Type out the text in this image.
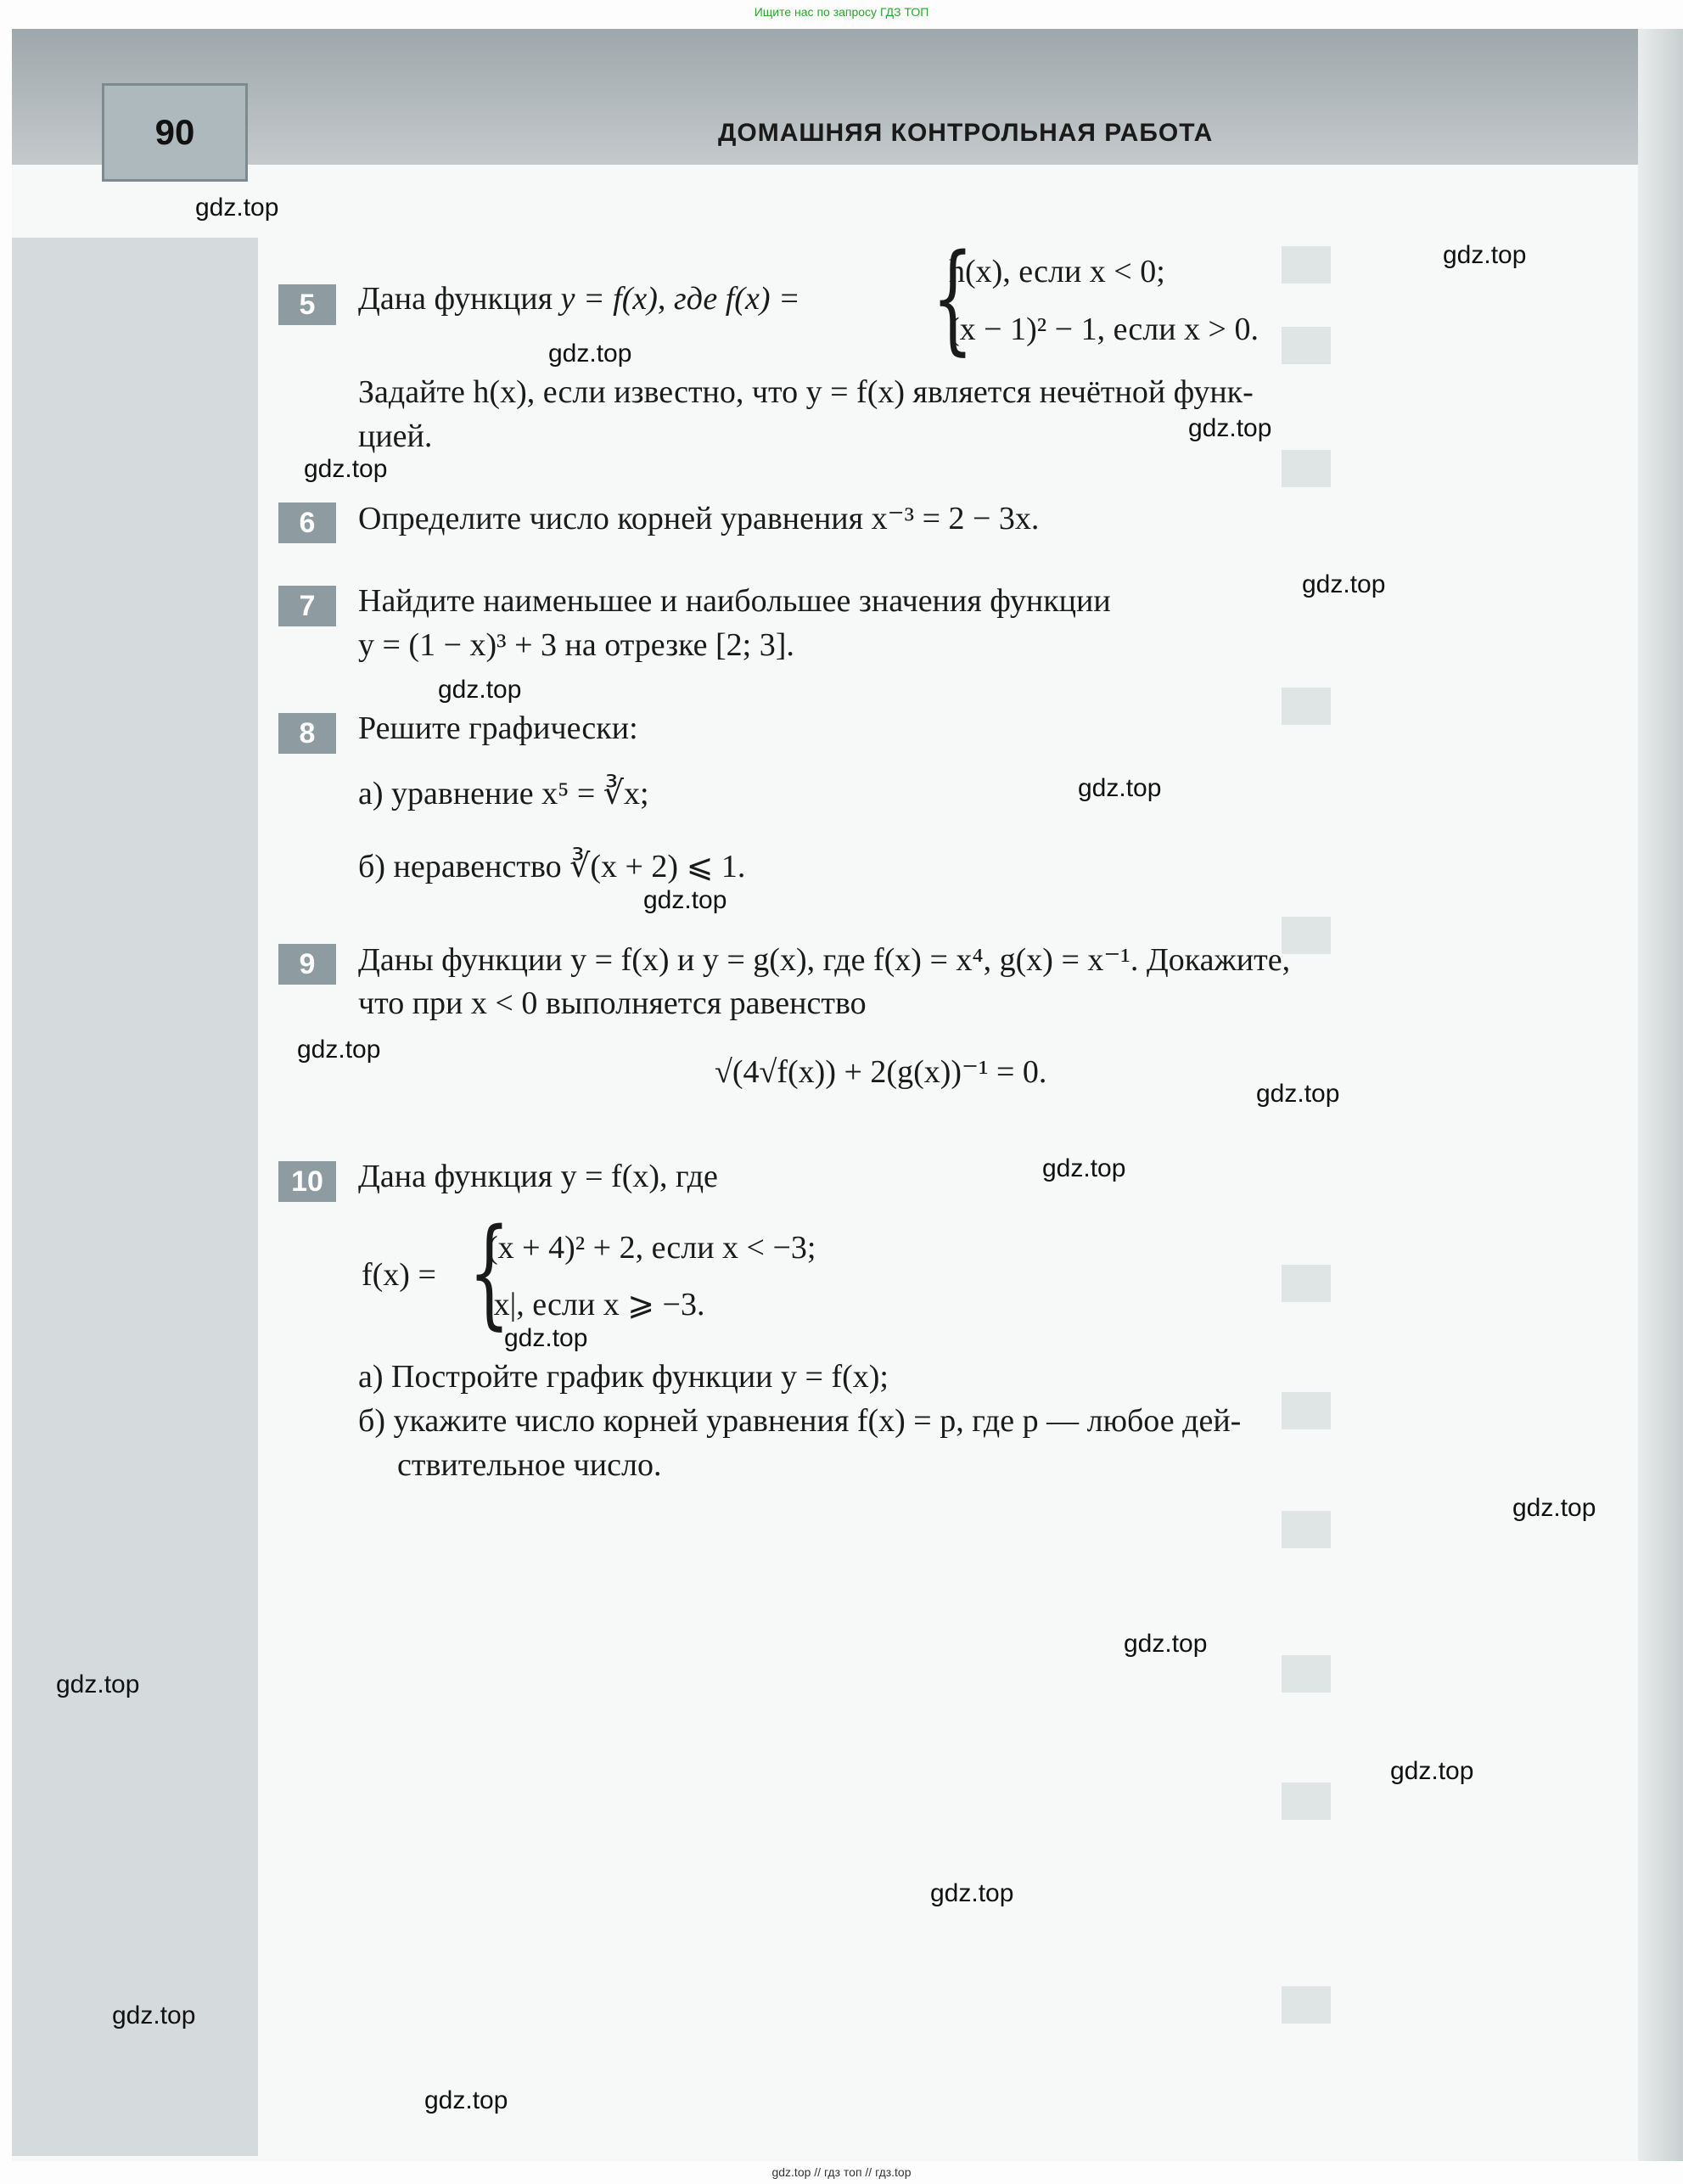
Ищите нас по запросу ГДЗ ТОП
90	ДОМАШНЯЯ КОНТРОЛЬНАЯ РАБОТА
5	Дана функция y = f(x), где f(x) = {
h(x), если x < 0;
(x − 1)² − 1, если x > 0.
Задайте h(x), если известно, что y = f(x) является нечётной функ-
цией.
6	Определите число корней уравнения x⁻³ = 2 − 3x.
7	Найдите наименьшее и наибольшее значения функции
y = (1 − x)³ + 3 на отрезке [2; 3].
8	Решите графически:
а) уравнение x⁵ = ∛x;
б) неравенство ∛(x + 2) ⩽ 1.
9	Даны функции y = f(x) и y = g(x), где f(x) = x⁴, g(x) = x⁻¹. Докажите,
что при x < 0 выполняется равенство
√(4√f(x)) + 2(g(x))⁻¹ = 0.
10	Дана функция y = f(x), где
f(x) = {
(x + 4)² + 2, если x < −3;
|x|, если x ⩾ −3.
а) Постройте график функции y = f(x);
б) укажите число корней уравнения f(x) = p, где p — любое дей-
ствительное число.
gdz.top
gdz.top
gdz.top
gdz.top
gdz.top
gdz.top
gdz.top
gdz.top
gdz.top
gdz.top
gdz.top
gdz.top
gdz.top
gdz.top
gdz.top
gdz.top
gdz.top
gdz.top
gdz.top
gdz.top
gdz.top // гдз топ // гдз.top
